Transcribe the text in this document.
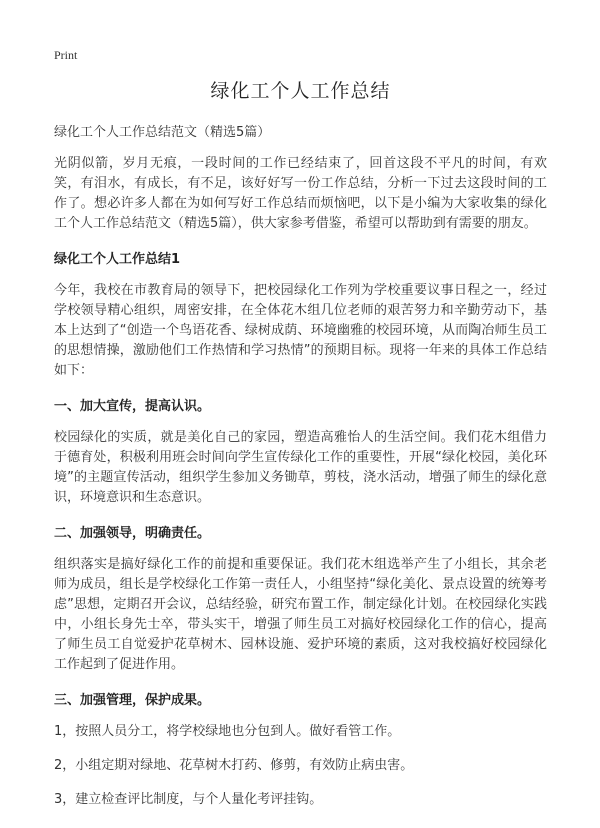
Print
绿化工个人工作总结

绿化工个人工作总结范文（精选5篇）

光阴似箭，岁月无痕，一段时间的工作已经结束了，回首这段不平凡的时间，有欢笑，有泪水，有成长，有不足，该好好写一份工作总结，分析一下过去这段时间的工作了。想必许多人都在为如何写好工作总结而烦恼吧，以下是小编为大家收集的绿化工个人工作总结范文（精选5篇），供大家参考借鉴，希望可以帮助到有需要的朋友。

绿化工个人工作总结1

今年，我校在市教育局的领导下，把校园绿化工作列为学校重要议事日程之一，经过学校领导精心组织，周密安排，在全体花木组几位老师的艰苦努力和辛勤劳动下，基本上达到了“创造一个鸟语花香、绿树成荫、环境幽雅的校园环境，从而陶冶师生员工的思想情操，激励他们工作热情和学习热情”的预期目标。现将一年来的具体工作总结如下：

一、加大宣传，提高认识。

校园绿化的实质，就是美化自己的家园，塑造高雅怡人的生活空间。我们花木组借力于德育处，积极利用班会时间向学生宣传绿化工作的重要性，开展“绿化校园，美化环境”的主题宣传活动，组织学生参加义务锄草，剪枝，浇水活动，增强了师生的绿化意识，环境意识和生态意识。

二、加强领导，明确责任。

组织落实是搞好绿化工作的前提和重要保证。我们花木组选举产生了小组长，其余老师为成员，组长是学校绿化工作第一责任人，小组坚持“绿化美化、景点设置的统筹考虑”思想，定期召开会议，总结经验，研究布置工作，制定绿化计划。在校园绿化实践中，小组长身先士卒，带头实干，增强了师生员工对搞好校园绿化工作的信心，提高了师生员工自觉爱护花草树木、园林设施、爱护环境的素质，这对我校搞好校园绿化工作起到了促进作用。

三、加强管理，保护成果。

1，按照人员分工，将学校绿地也分包到人。做好看管工作。

2，小组定期对绿地、花草树木打药、修剪，有效防止病虫害。

3，建立检查评比制度，与个人量化考评挂钩。
